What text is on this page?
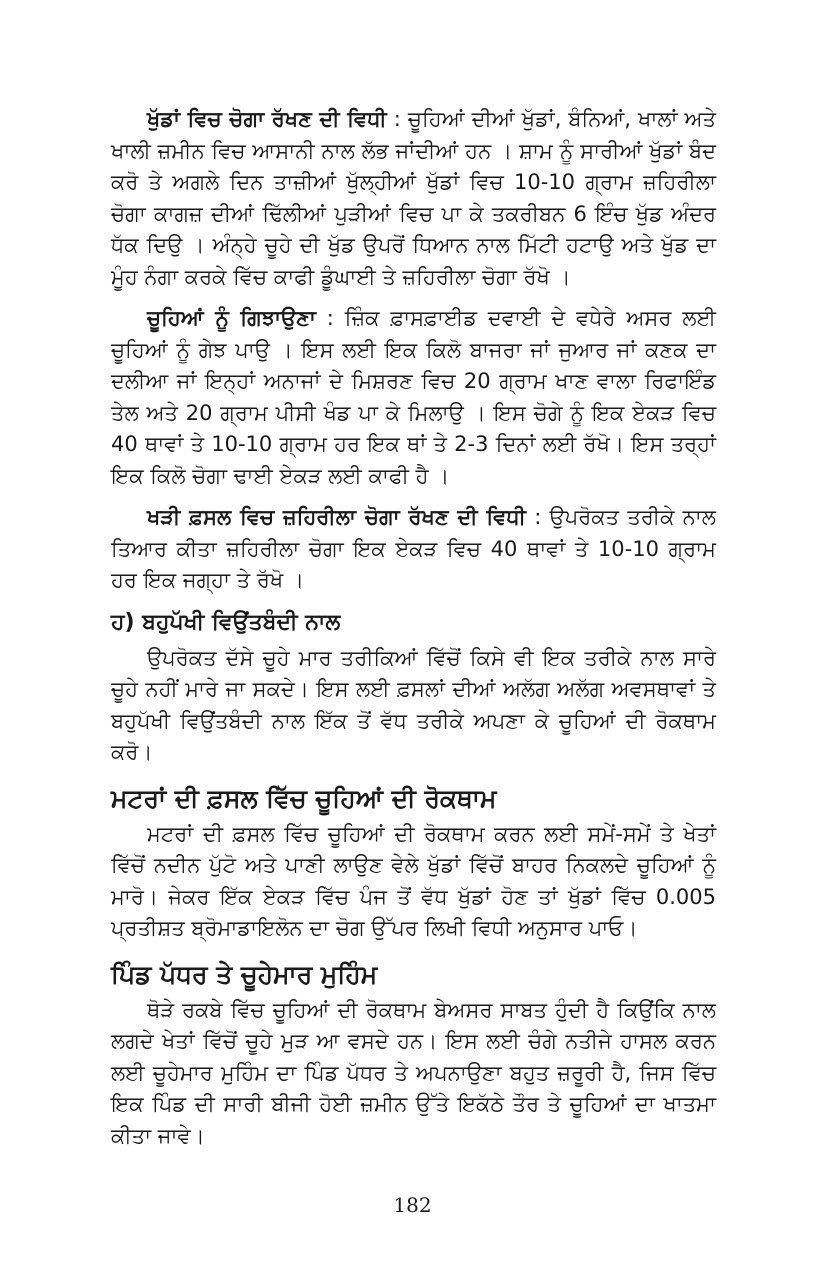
ਖੁੱਡਾਂ ਵਿਚ ਚੋਗਾ ਰੱਖਣ ਦੀ ਵਿਧੀ : ਚੂਹਿਆਂ ਦੀਆਂ ਖੁੱਡਾਂ, ਬੰਨਿਆਂ, ਖਾਲਾਂ ਅਤੇ ਖਾਲੀ ਜ਼ਮੀਨ ਵਿਚ ਆਸਾਨੀ ਨਾਲ ਲੱਭ ਜਾਂਦੀਆਂ ਹਨ । ਸ਼ਾਮ ਨੂੰ ਸਾਰੀਆਂ ਖੁੱਡਾਂ ਬੰਦ ਕਰੋ ਤੇ ਅਗਲੇ ਦਿਨ ਤਾਜ਼ੀਆਂ ਖੁੱਲ੍ਹੀਆਂ ਖੁੱਡਾਂ ਵਿਚ 10-10 ਗ੍ਰਾਮ ਜ਼ਹਿਰੀਲਾ ਚੋਗਾ ਕਾਗਜ਼ ਦੀਆਂ ਢਿੱਲੀਆਂ ਪੁੜੀਆਂ ਵਿਚ ਪਾ ਕੇ ਤਕਰੀਬਨ 6 ਇੰਚ ਖੁੱਡ ਅੰਦਰ ਧੱਕ ਦਿਉ । ਅੰਨ੍ਹੇ ਚੂਹੇ ਦੀ ਖੁੱਡ ਉਪਰੋਂ ਧਿਆਨ ਨਾਲ ਮਿੱਟੀ ਹਟਾਉ ਅਤੇ ਖੁੱਡ ਦਾ ਮੂੰਹ ਨੰਗਾ ਕਰਕੇ ਵਿੱਚ ਕਾਫੀ ਡੂੰਘਾਈ ਤੇ ਜ਼ਹਿਰੀਲਾ ਚੋਗਾ ਰੱਖੋ ।

ਚੂਹਿਆਂ ਨੂੰ ਗਿਝਾਉਣਾ : ਜ਼ਿੰਕ ਫ਼ਾਸਫ਼ਾਈਡ ਦਵਾਈ ਦੇ ਵਧੇਰੇ ਅਸਰ ਲਈ ਚੂਹਿਆਂ ਨੂੰ ਗੇਝ ਪਾਉ । ਇਸ ਲਈ ਇਕ ਕਿਲੋ ਬਾਜਰਾ ਜਾਂ ਜੁਆਰ ਜਾਂ ਕਣਕ ਦਾ ਦਲੀਆ ਜਾਂ ਇਨ੍ਹਾਂ ਅਨਾਜਾਂ ਦੇ ਮਿਸ਼ਰਣ ਵਿਚ 20 ਗ੍ਰਾਮ ਖਾਣ ਵਾਲਾ ਰਿਫਾਇੰਡ ਤੇਲ ਅਤੇ 20 ਗ੍ਰਾਮ ਪੀਸੀ ਖੰਡ ਪਾ ਕੇ ਮਿਲਾਉ । ਇਸ ਚੋਗੇ ਨੂੰ ਇਕ ਏਕੜ ਵਿਚ 40 ਥਾਵਾਂ ਤੇ 10-10 ਗ੍ਰਾਮ ਹਰ ਇਕ ਥਾਂ ਤੇ 2-3 ਦਿਨਾਂ ਲਈ ਰੱਖੋ। ਇਸ ਤਰ੍ਹਾਂ ਇਕ ਕਿਲੋ ਚੋਗਾ ਢਾਈ ਏਕੜ ਲਈ ਕਾਫੀ ਹੈ ।

ਖੜੀ ਫ਼ਸਲ ਵਿਚ ਜ਼ਹਿਰੀਲਾ ਚੋਗਾ ਰੱਖਣ ਦੀ ਵਿਧੀ : ਉਪਰੋਕਤ ਤਰੀਕੇ ਨਾਲ ਤਿਆਰ ਕੀਤਾ ਜ਼ਹਿਰੀਲਾ ਚੋਗਾ ਇਕ ਏਕੜ ਵਿਚ 40 ਥਾਵਾਂ ਤੇ 10-10 ਗ੍ਰਾਮ ਹਰ ਇਕ ਜਗ੍ਹਾ ਤੇ ਰੱਖੋ ।

ਹ) ਬਹੁਪੱਖੀ ਵਿਉਂਤਬੰਦੀ ਨਾਲ

ਉਪਰੋਕਤ ਦੱਸੇ ਚੂਹੇ ਮਾਰ ਤਰੀਕਿਆਂ ਵਿੱਚੋਂ ਕਿਸੇ ਵੀ ਇਕ ਤਰੀਕੇ ਨਾਲ ਸਾਰੇ ਚੂਹੇ ਨਹੀਂ ਮਾਰੇ ਜਾ ਸਕਦੇ। ਇਸ ਲਈ ਫ਼ਸਲਾਂ ਦੀਆਂ ਅਲੱਗ ਅਲੱਗ ਅਵਸਥਾਵਾਂ ਤੇ ਬਹੁਪੱਖੀ ਵਿਉਂਤਬੰਦੀ ਨਾਲ ਇੱਕ ਤੋਂ ਵੱਧ ਤਰੀਕੇ ਅਪਣਾ ਕੇ ਚੂਹਿਆਂ ਦੀ ਰੋਕਥਾਮ ਕਰੋ।

ਮਟਰਾਂ ਦੀ ਫ਼ਸਲ ਵਿੱਚ ਚੂਹਿਆਂ ਦੀ ਰੋਕਥਾਮ

ਮਟਰਾਂ ਦੀ ਫ਼ਸਲ ਵਿੱਚ ਚੂਹਿਆਂ ਦੀ ਰੋਕਥਾਮ ਕਰਨ ਲਈ ਸਮੇਂ-ਸਮੇਂ ਤੇ ਖੇਤਾਂ ਵਿੱਚੋਂ ਨਦੀਨ ਪੁੱਟੋ ਅਤੇ ਪਾਣੀ ਲਾਉਣ ਵੇਲੇ ਖੁੱਡਾਂ ਵਿੱਚੋਂ ਬਾਹਰ ਨਿਕਲਦੇ ਚੂਹਿਆਂ ਨੂੰ ਮਾਰੋ। ਜੇਕਰ ਇੱਕ ਏਕੜ ਵਿੱਚ ਪੰਜ ਤੋਂ ਵੱਧ ਖੁੱਡਾਂ ਹੋਣ ਤਾਂ ਖੁੱਡਾਂ ਵਿੱਚ 0.005 ਪ੍ਰਤੀਸ਼ਤ ਬ੍ਰੋਮਾਡਾਇਲੋਨ ਦਾ ਚੋਗ ਉੱਪਰ ਲਿਖੀ ਵਿਧੀ ਅਨੁਸਾਰ ਪਾਓ।

ਪਿੰਡ ਪੱਧਰ ਤੇ ਚੂਹੇਮਾਰ ਮੁਹਿੰਮ

ਥੋੜੇ ਰਕਬੇ ਵਿੱਚ ਚੂਹਿਆਂ ਦੀ ਰੋਕਥਾਮ ਬੇਅਸਰ ਸਾਬਤ ਹੁੰਦੀ ਹੈ ਕਿਉਂਕਿ ਨਾਲ ਲਗਦੇ ਖੇਤਾਂ ਵਿੱਚੋਂ ਚੂਹੇ ਮੁੜ ਆ ਵਸਦੇ ਹਨ। ਇਸ ਲਈ ਚੰਗੇ ਨਤੀਜੇ ਹਾਸਲ ਕਰਨ ਲਈ ਚੂਹੇਮਾਰ ਮੁਹਿੰਮ ਦਾ ਪਿੰਡ ਪੱਧਰ ਤੇ ਅਪਨਾਉਣਾ ਬਹੁਤ ਜ਼ਰੂਰੀ ਹੈ, ਜਿਸ ਵਿੱਚ ਇਕ ਪਿੰਡ ਦੀ ਸਾਰੀ ਬੀਜੀ ਹੋਈ ਜ਼ਮੀਨ ਉੱਤੇ ਇਕੱਠੇ ਤੌਰ ਤੇ ਚੂਹਿਆਂ ਦਾ ਖਾਤਮਾ ਕੀਤਾ ਜਾਵੇ।

182
